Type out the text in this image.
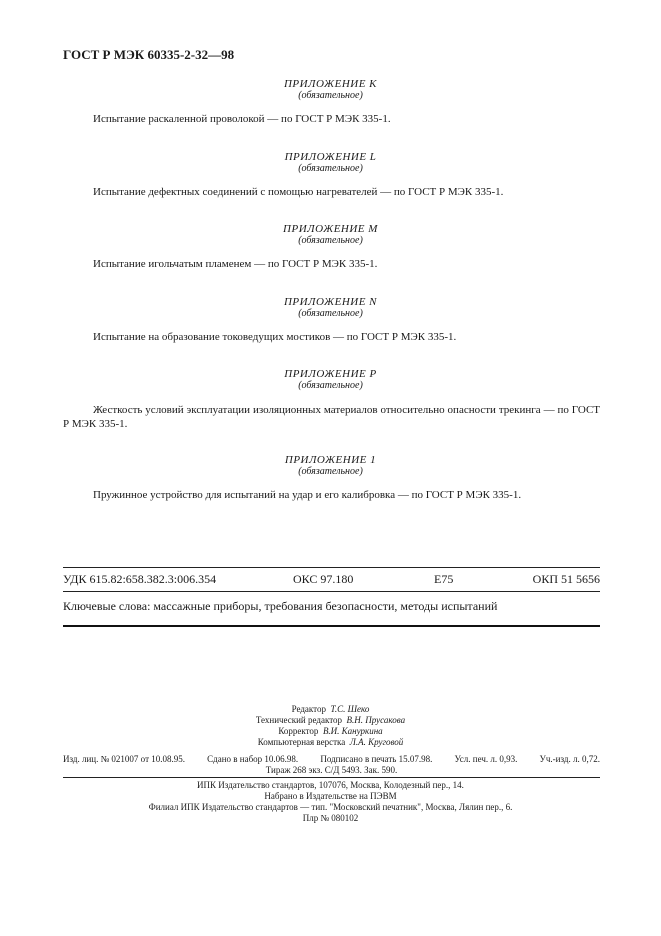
ГОСТ Р МЭК 60335-2-32—98
ПРИЛОЖЕНИЕ K
(обязательное)
Испытание раскаленной проволокой — по ГОСТ Р МЭК 335-1.
ПРИЛОЖЕНИЕ L
(обязательное)
Испытание дефектных соединений с помощью нагревателей — по ГОСТ Р МЭК 335-1.
ПРИЛОЖЕНИЕ M
(обязательное)
Испытание игольчатым пламенем — по ГОСТ Р МЭК 335-1.
ПРИЛОЖЕНИЕ N
(обязательное)
Испытание на образование токоведущих мостиков — по ГОСТ Р МЭК 335-1.
ПРИЛОЖЕНИЕ P
(обязательное)
Жесткость условий эксплуатации изоляционных материалов относительно опасности трекинга — по ГОСТ Р МЭК 335-1.
ПРИЛОЖЕНИЕ 1
(обязательное)
Пружинное устройство для испытаний на удар и его калибровка — по ГОСТ Р МЭК 335-1.
УДК 615.82:658.382.3:006.354	ОКС 97.180	Е75	ОКП 51 5656
Ключевые слова: массажные приборы, требования безопасности, методы испытаний
Редактор Т.С. Шеко
Технический редактор В.Н. Прусакова
Корректор В.И. Кануркина
Компьютерная верстка Л.А. Круговой
Изд. лиц. № 021007 от 10.08.95. Сдано в набор 10.06.98. Подписано в печать 15.07.98. Усл. печ. л. 0,93. Уч.-изд. л. 0,72.
Тираж 268 экз. С/Д 5493. Зак. 590.
ИПК Издательство стандартов, 107076, Москва, Колодезный пер., 14.
Набрано в Издательстве на ПЭВМ
Филиал ИПК Издательство стандартов — тип. "Московский печатник", Москва, Лялин пер., 6.
Плр № 080102
